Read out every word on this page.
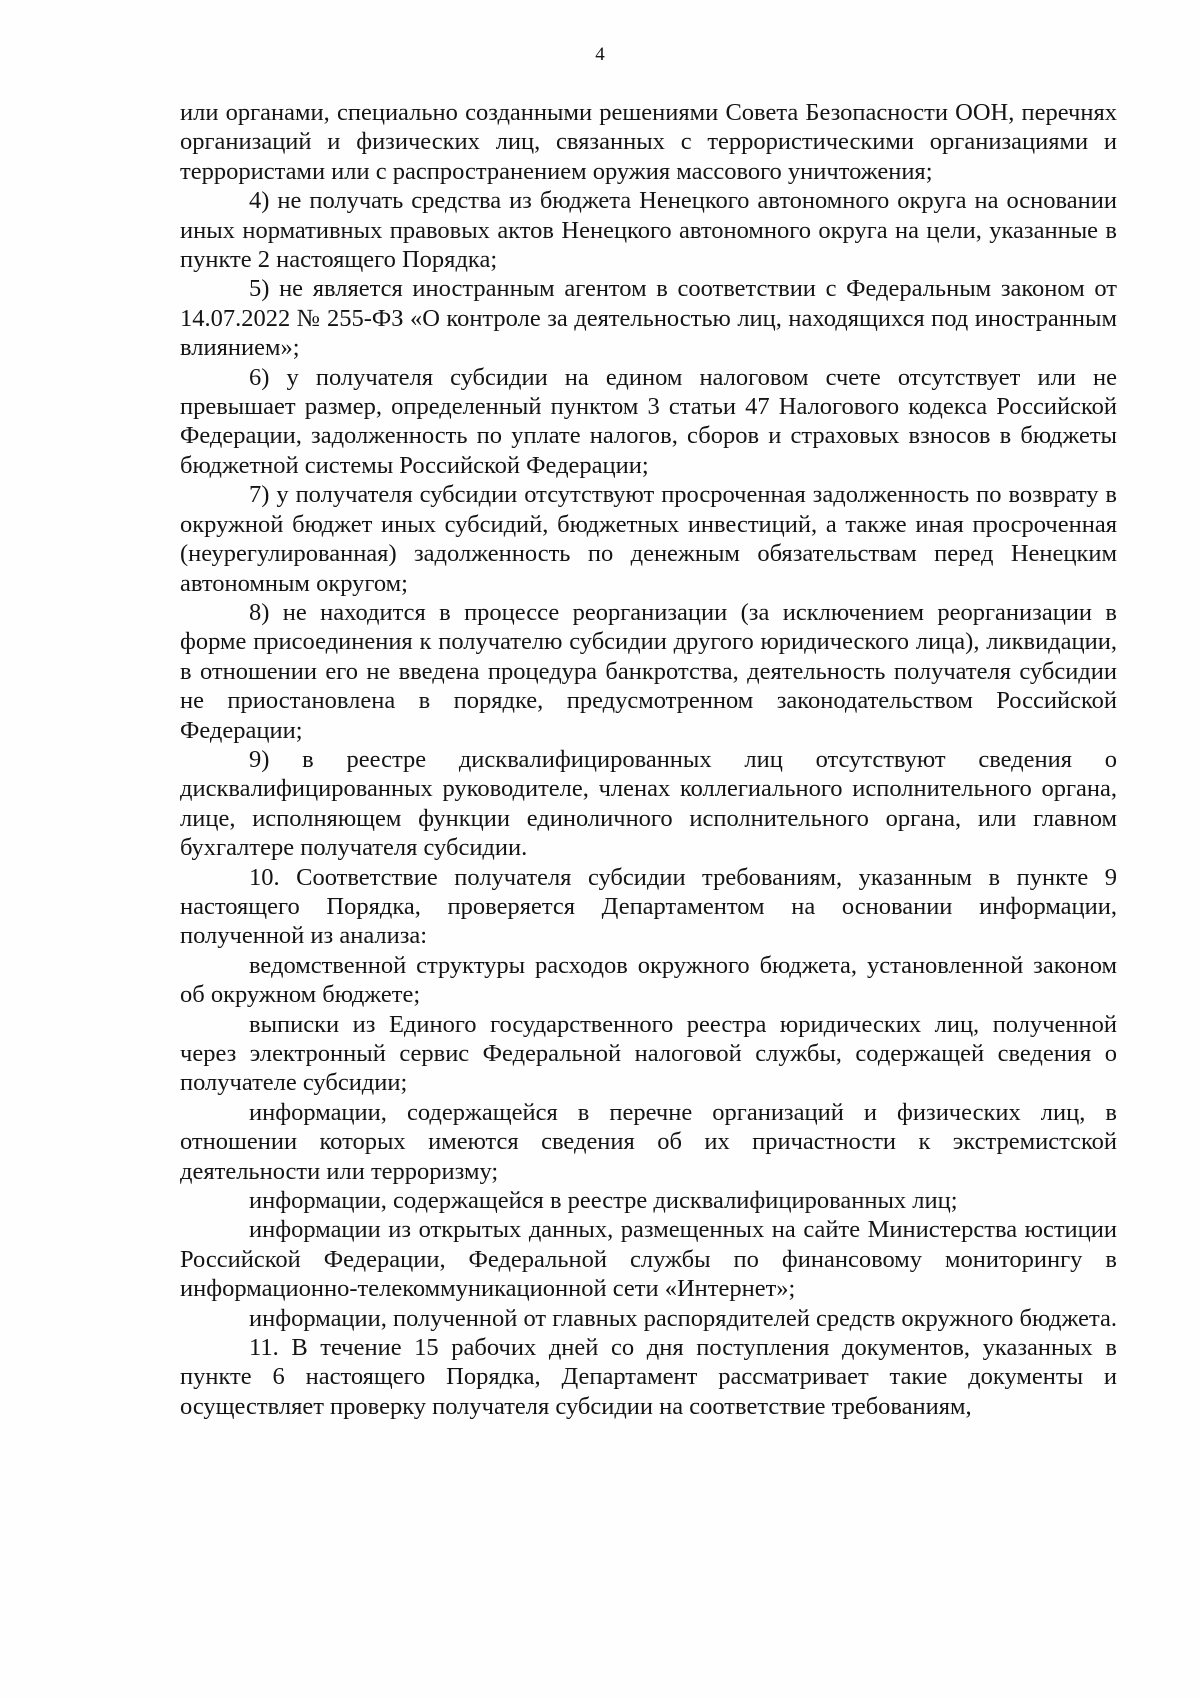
4

или органами, специально созданными решениями Совета Безопасности ООН, перечнях организаций и физических лиц, связанных с террористическими организациями и террористами или с распространением оружия массового уничтожения;

4) не получать средства из бюджета Ненецкого автономного округа на основании иных нормативных правовых актов Ненецкого автономного округа на цели, указанные в пункте 2 настоящего Порядка;

5) не является иностранным агентом в соответствии с Федеральным законом от 14.07.2022 № 255-ФЗ «О контроле за деятельностью лиц, находящихся под иностранным влиянием»;

6) у получателя субсидии на едином налоговом счете отсутствует или не превышает размер, определенный пунктом 3 статьи 47 Налогового кодекса Российской Федерации, задолженность по уплате налогов, сборов и страховых взносов в бюджеты бюджетной системы Российской Федерации;

7) у получателя субсидии отсутствуют просроченная задолженность по возврату в окружной бюджет иных субсидий, бюджетных инвестиций, а также иная просроченная (неурегулированная) задолженность по денежным обязательствам перед Ненецким автономным округом;

8) не находится в процессе реорганизации (за исключением реорганизации в форме присоединения к получателю субсидии другого юридического лица), ликвидации, в отношении его не введена процедура банкротства, деятельность получателя субсидии не приостановлена в порядке, предусмотренном законодательством Российской Федерации;

9) в реестре дисквалифицированных лиц отсутствуют сведения о дисквалифицированных руководителе, членах коллегиального исполнительного органа, лице, исполняющем функции единоличного исполнительного органа, или главном бухгалтере получателя субсидии.

10. Соответствие получателя субсидии требованиям, указанным в пункте 9 настоящего Порядка, проверяется Департаментом на основании информации, полученной из анализа:

ведомственной структуры расходов окружного бюджета, установленной законом об окружном бюджете;

выписки из Единого государственного реестра юридических лиц, полученной через электронный сервис Федеральной налоговой службы, содержащей сведения о получателе субсидии;

информации, содержащейся в перечне организаций и физических лиц, в отношении которых имеются сведения об их причастности к экстремистской деятельности или терроризму;

информации, содержащейся в реестре дисквалифицированных лиц;

информации из открытых данных, размещенных на сайте Министерства юстиции Российской Федерации, Федеральной службы по финансовому мониторингу в информационно-телекоммуникационной сети «Интернет»;

информации, полученной от главных распорядителей средств окружного бюджета.

11. В течение 15 рабочих дней со дня поступления документов, указанных в пункте 6 настоящего Порядка, Департамент рассматривает такие документы и осуществляет проверку получателя субсидии на соответствие требованиям,
